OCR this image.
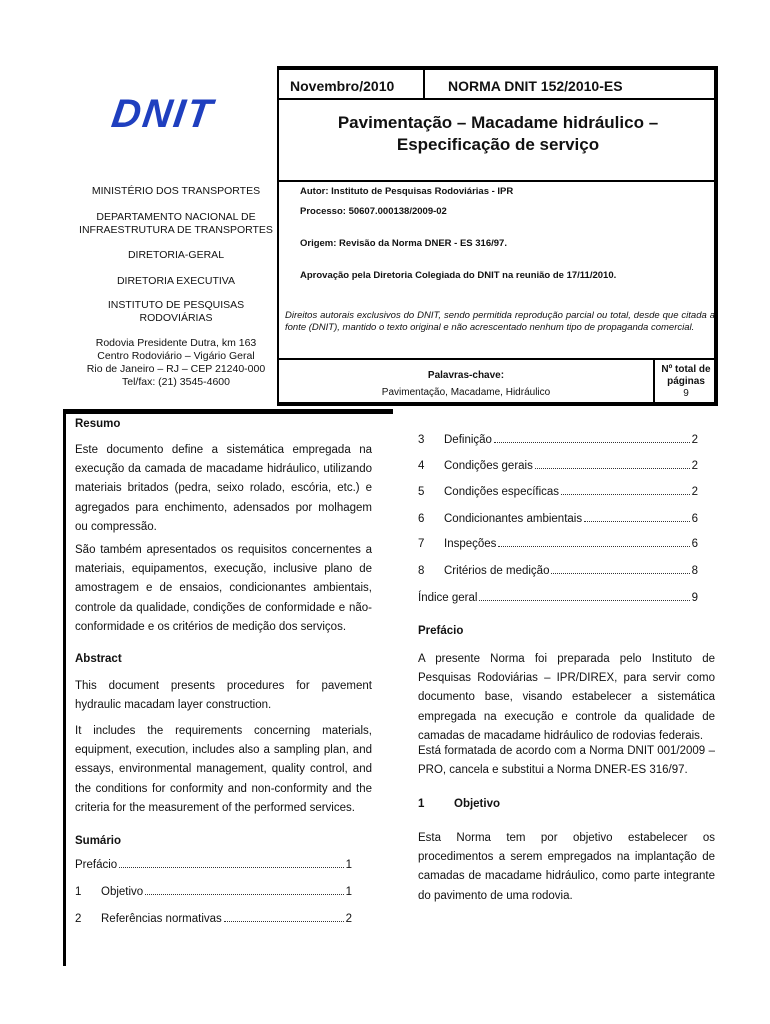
DNIT
Novembro/2010	NORMA DNIT 152/2010-ES
Pavimentação – Macadame hidráulico –
Especificação de serviço
MINISTÉRIO DOS TRANSPORTES
DEPARTAMENTO NACIONAL DE
INFRAESTRUTURA DE TRANSPORTES
DIRETORIA-GERAL
DIRETORIA EXECUTIVA
INSTITUTO DE PESQUISAS
RODOVIÁRIAS
Rodovia Presidente Dutra, km 163
Centro Rodoviário – Vigário Geral
Rio de Janeiro – RJ – CEP 21240-000
Tel/fax: (21) 3545-4600
Autor: Instituto de Pesquisas Rodoviárias - IPR
Processo: 50607.000138/2009-02
Origem: Revisão da Norma DNER - ES 316/97.
Aprovação pela Diretoria Colegiada do DNIT na reunião de 17/11/2010.
Direitos autorais exclusivos do DNIT, sendo permitida reprodução parcial ou total, desde que citada a fonte (DNIT), mantido o texto original e não acrescentado nenhum tipo de propaganda comercial.
Palavras-chave:
Pavimentação, Macadame, Hidráulico
Nº total de
páginas
9
Resumo
Este documento define a sistemática empregada na execução da camada de macadame hidráulico, utilizando materiais britados (pedra, seixo rolado, escória, etc.) e agregados para enchimento, adensados por molhagem ou compressão.
São também apresentados os requisitos concernentes a materiais, equipamentos, execução, inclusive plano de amostragem e de ensaios, condicionantes ambientais, controle da qualidade, condições de conformidade e não-conformidade e os critérios de medição dos serviços.
Abstract
This document presents procedures for pavement hydraulic macadam layer construction.
It includes the requirements concerning materials, equipment, execution, includes also a sampling plan, and essays, environmental management, quality control, and the conditions for conformity and non-conformity and the criteria for the measurement of the performed services.
Sumário
Prefácio	1
1	Objetivo	1
2	Referências normativas	2
3	Definição	2
4	Condições gerais	2
5	Condições específicas	2
6	Condicionantes ambientais	6
7	Inspeções	6
8	Critérios de medição	8
Índice geral	9
Prefácio
A presente Norma foi preparada pelo Instituto de Pesquisas Rodoviárias – IPR/DIREX, para servir como documento base, visando estabelecer a sistemática empregada na execução e controle da qualidade de camadas de macadame hidráulico de rodovias federais.
Está formatada de acordo com a Norma DNIT 001/2009 – PRO, cancela e substitui a Norma DNER-ES 316/97.
1	Objetivo
Esta Norma tem por objetivo estabelecer os procedimentos a serem empregados na implantação de camadas de macadame hidráulico, como parte integrante do pavimento de uma rodovia.
